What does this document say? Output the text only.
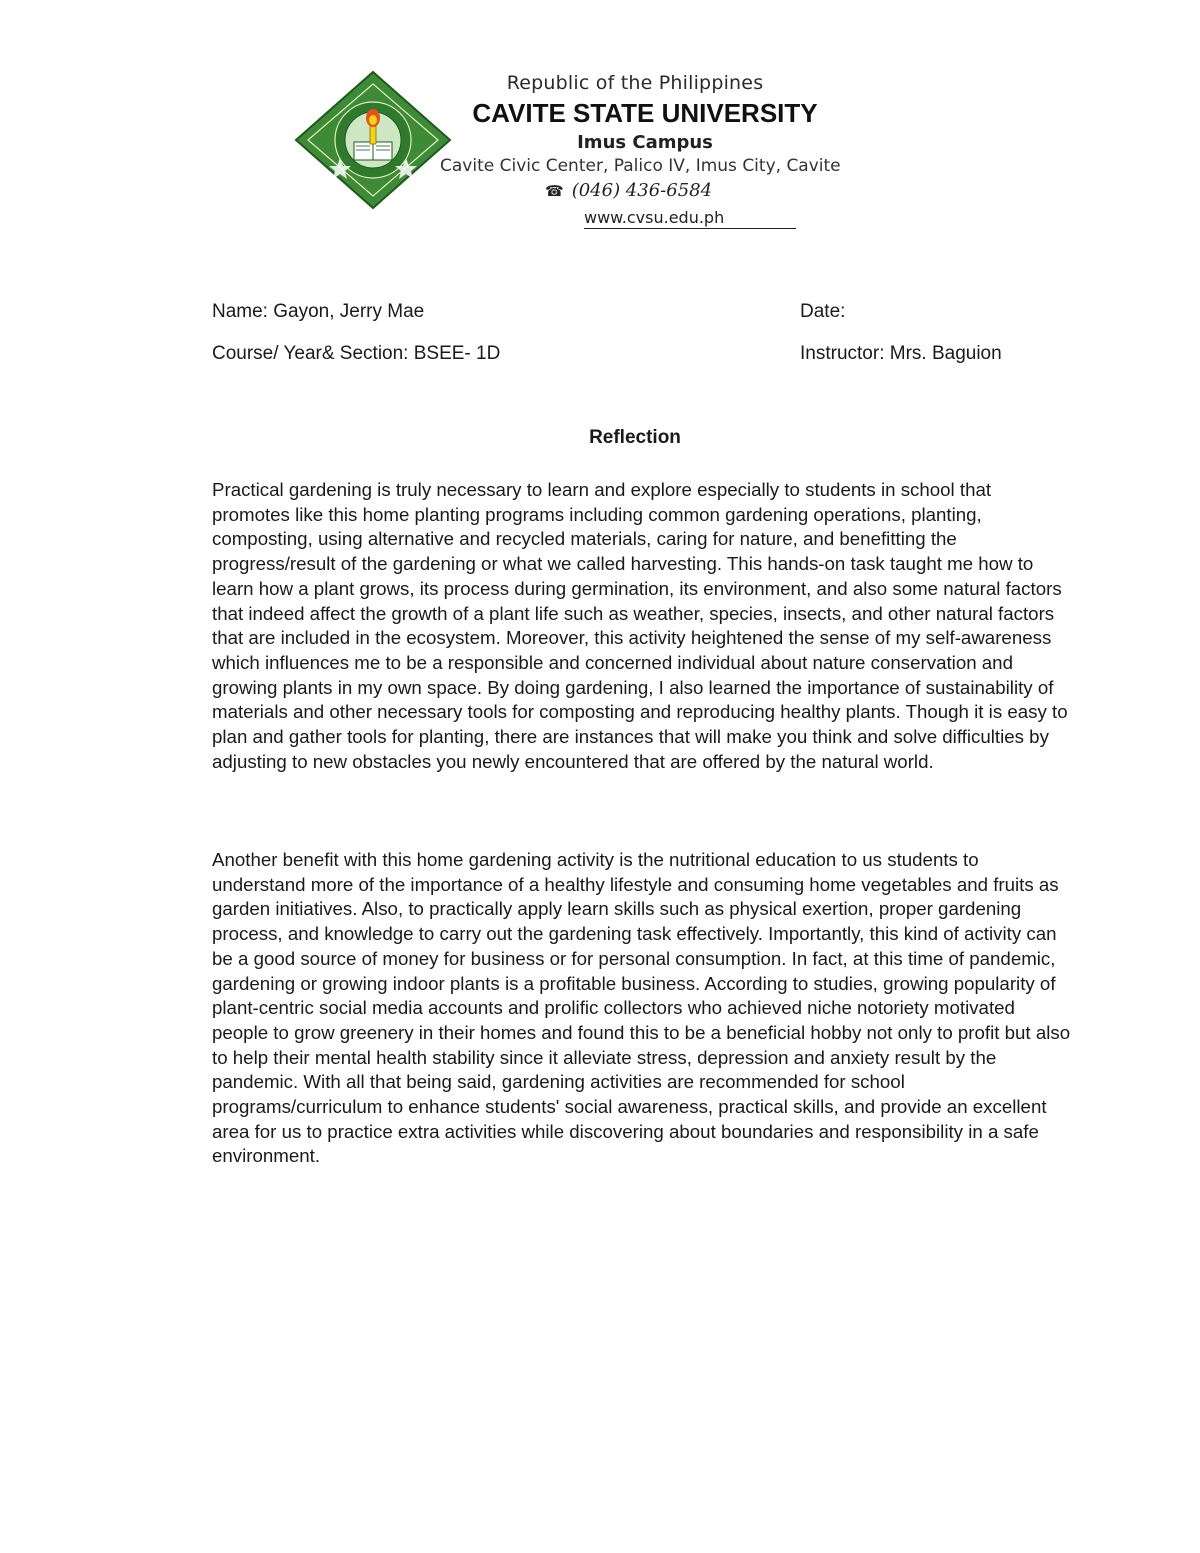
Republic of the Philippines
CAVITE STATE UNIVERSITY
Imus Campus
Cavite Civic Center, Palico IV, Imus City, Cavite
☎ (046) 436-6584
www.cvsu.edu.ph
Name: Gayon, Jerry Mae	Date:
Course/ Year& Section: BSEE- 1D	Instructor: Mrs. Baguion
Reflection

Practical gardening is truly necessary to learn and explore especially to students in school that promotes like this home planting programs including common gardening operations, planting, composting, using alternative and recycled materials, caring for nature, and benefitting the progress/result of the gardening or what we called harvesting. This hands-on task taught me how to learn how a plant grows, its process during germination, its environment, and also some natural factors that indeed affect the growth of a plant life such as weather, species, insects, and other natural factors that are included in the ecosystem. Moreover, this activity heightened the sense of my self-awareness which influences me to be a responsible and concerned individual about nature conservation and growing plants in my own space. By doing gardening, I also learned the importance of sustainability of materials and other necessary tools for composting and reproducing healthy plants. Though it is easy to plan and gather tools for planting, there are instances that will make you think and solve difficulties by adjusting to new obstacles you newly encountered that are offered by the natural world.

Another benefit with this home gardening activity is the nutritional education to us students to understand more of the importance of a healthy lifestyle and consuming home vegetables and fruits as garden initiatives. Also, to practically apply learn skills such as physical exertion, proper gardening process, and knowledge to carry out the gardening task effectively. Importantly, this kind of activity can be a good source of money for business or for personal consumption. In fact, at this time of pandemic, gardening or growing indoor plants is a profitable business. According to studies, growing popularity of plant-centric social media accounts and prolific collectors who achieved niche notoriety motivated people to grow greenery in their homes and found this to be a beneficial hobby not only to profit but also to help their mental health stability since it alleviate stress, depression and anxiety result by the pandemic. With all that being said, gardening activities are recommended for school programs/curriculum to enhance students' social awareness, practical skills, and provide an excellent area for us to practice extra activities while discovering about boundaries and responsibility in a safe environment.
